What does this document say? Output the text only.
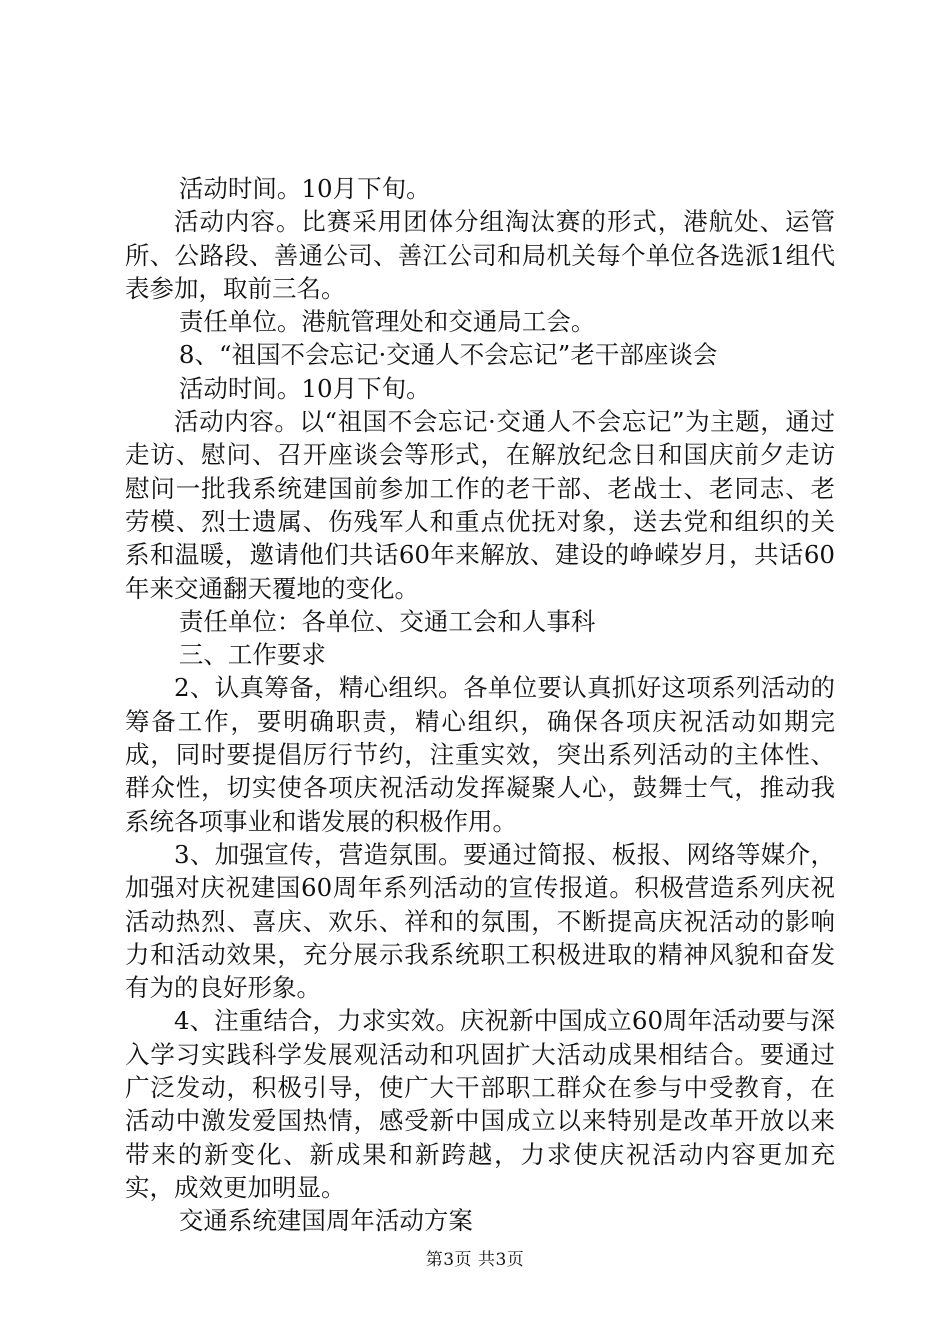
活动时间。10月下旬。

活动内容。比赛采用团体分组淘汰赛的形式，港航处、运管所、公路段、善通公司、善江公司和局机关每个单位各选派1组代表参加，取前三名。

责任单位。港航管理处和交通局工会。

8、“祖国不会忘记·交通人不会忘记”老干部座谈会

活动时间。10月下旬。

活动内容。以“祖国不会忘记·交通人不会忘记”为主题，通过走访、慰问、召开座谈会等形式，在解放纪念日和国庆前夕走访慰问一批我系统建国前参加工作的老干部、老战士、老同志、老劳模、烈士遗属、伤残军人和重点优抚对象，送去党和组织的关系和温暖，邀请他们共话60年来解放、建设的峥嵘岁月，共话60年来交通翻天覆地的变化。

责任单位：各单位、交通工会和人事科

三、工作要求

2、认真筹备，精心组织。各单位要认真抓好这项系列活动的筹备工作，要明确职责，精心组织，确保各项庆祝活动如期完成，同时要提倡厉行节约，注重实效，突出系列活动的主体性、群众性，切实使各项庆祝活动发挥凝聚人心，鼓舞士气，推动我系统各项事业和谐发展的积极作用。

3、加强宣传，营造氛围。要通过简报、板报、网络等媒介，加强对庆祝建国60周年系列活动的宣传报道。积极营造系列庆祝活动热烈、喜庆、欢乐、祥和的氛围，不断提高庆祝活动的影响力和活动效果，充分展示我系统职工积极进取的精神风貌和奋发有为的良好形象。

4、注重结合，力求实效。庆祝新中国成立60周年活动要与深入学习实践科学发展观活动和巩固扩大活动成果相结合。要通过广泛发动，积极引导，使广大干部职工群众在参与中受教育，在活动中激发爱国热情，感受新中国成立以来特别是改革开放以来带来的新变化、新成果和新跨越，力求使庆祝活动内容更加充实，成效更加明显。

交通系统建国周年活动方案

第3页 共3页
